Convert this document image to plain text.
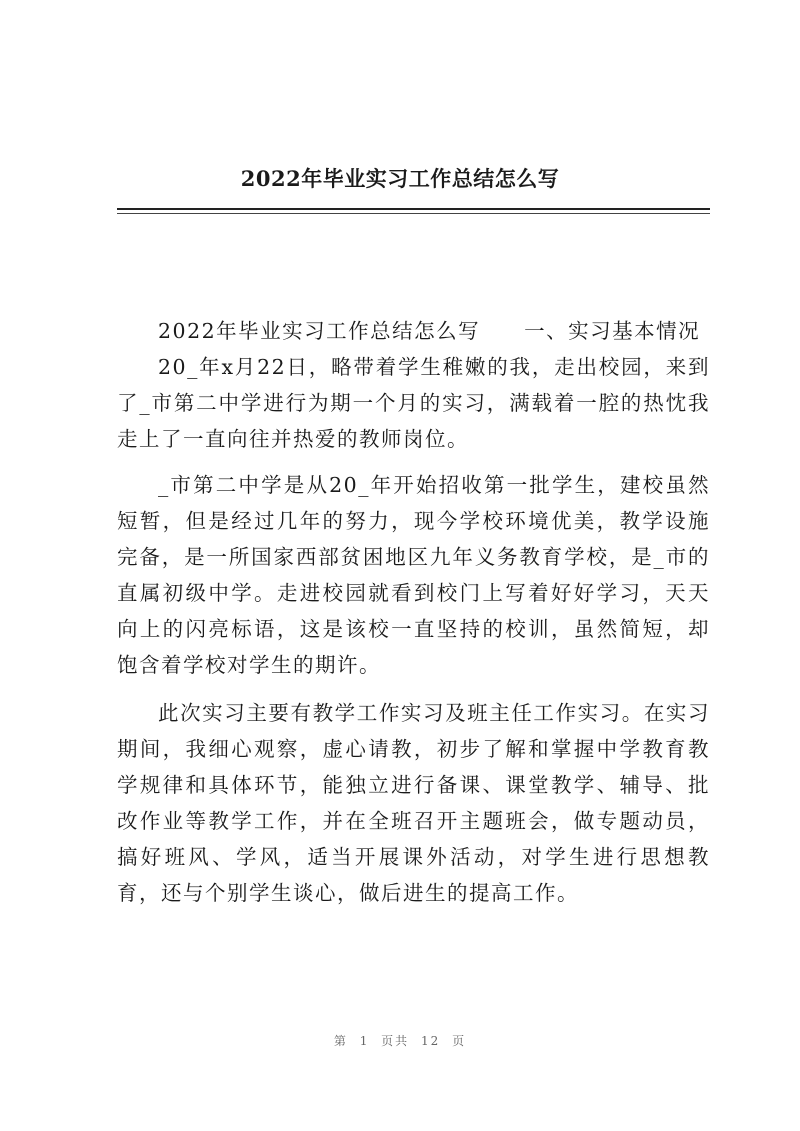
2022年毕业实习工作总结怎么写

2022年毕业实习工作总结怎么写 一、实习基本情况

20_年x月22日，略带着学生稚嫩的我，走出校园，来到了_市第二中学进行为期一个月的实习，满载着一腔的热忱我走上了一直向往并热爱的教师岗位。

_市第二中学是从20_年开始招收第一批学生，建校虽然短暂，但是经过几年的努力，现今学校环境优美，教学设施完备，是一所国家西部贫困地区九年义务教育学校，是_市的直属初级中学。走进校园就看到校门上写着好好学习，天天向上的闪亮标语，这是该校一直坚持的校训，虽然简短，却饱含着学校对学生的期许。

此次实习主要有教学工作实习及班主任工作实习。在实习期间，我细心观察，虚心请教，初步了解和掌握中学教育教学规律和具体环节，能独立进行备课、课堂教学、辅导、批改作业等教学工作，并在全班召开主题班会，做专题动员，搞好班风、学风，适当开展课外活动，对学生进行思想教育，还与个别学生谈心，做后进生的提高工作。

第 1 页共 12 页
